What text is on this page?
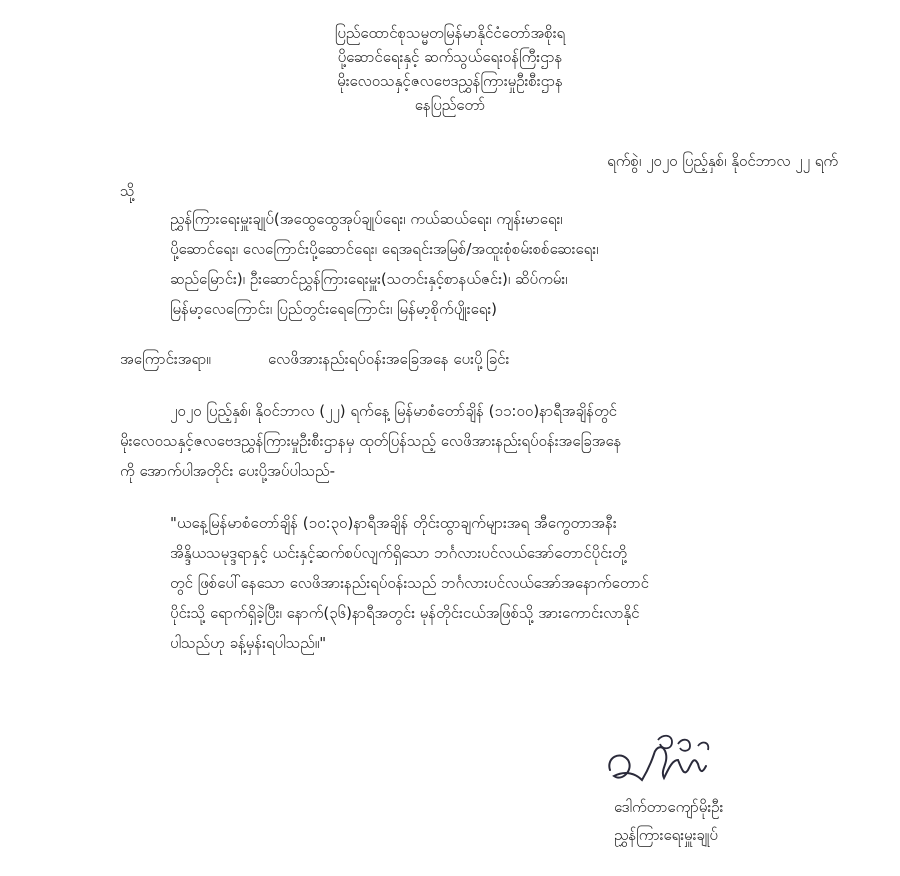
ပြည်ထောင်စုသမ္မတမြန်မာနိုင်ငံတော်အစိုးရ
ပို့ဆောင်ရေးနှင့် ဆက်သွယ်ရေးဝန်ကြီးဌာန
မိုးလေဝသနှင့်ဇလဗေဒညွှန်ကြားမှုဦးစီးဌာန
နေပြည်တော်
ရက်စွဲ၊ ၂၀၂၀ ပြည့်နှစ်၊ နိုဝင်ဘာလ ၂၂ ရက်
သို့
ညွှန်ကြားရေးမှူးချုပ်(အထွေထွေအုပ်ချုပ်ရေး၊ ကယ်ဆယ်ရေး၊ ကျန်းမာရေး၊
ပို့ဆောင်ရေး၊ လေကြောင်းပို့ဆောင်ရေး၊ ရေအရင်းအမြစ်/အထူးစုံစမ်းစစ်ဆေးရေး၊
ဆည်မြောင်း)၊ ဦးဆောင်ညွှန်ကြားရေးမှူး(သတင်းနှင့်စာနယ်ဇင်း)၊ ဆိပ်ကမ်း၊
မြန်မာ့လေကြောင်း၊ ပြည်တွင်းရေကြောင်း၊ မြန်မာ့စိုက်ပျိုးရေး)
အကြောင်းအရာ။	လေဖိအားနည်းရပ်ဝန်းအခြေအနေ ပေးပို့ခြင်း
၂၀၂၀ ပြည့်နှစ်၊ နိုဝင်ဘာလ (၂၂) ရက်နေ့ မြန်မာစံတော်ချိန် (၁၁:၀၀)နာရီအချိန်တွင်
မိုးလေဝသနှင့်ဇလဗေဒညွှန်ကြားမှုဦးစီးဌာနမှ ထုတ်ပြန်သည့် လေဖိအားနည်းရပ်ဝန်းအခြေအနေ
ကို အောက်ပါအတိုင်း ပေးပို့အပ်ပါသည်-
"ယနေ့မြန်မာစံတော်ချိန် (၁၀:၃၀)နာရီအချိန် တိုင်းထွာချက်များအရ အီကွေတာအနီး
အိန္ဒိယသမုဒ္ဒရာနှင့် ယင်းနှင့်ဆက်စပ်လျက်ရှိသော ဘင်္ဂလားပင်လယ်အော်တောင်ပိုင်းတို့
တွင် ဖြစ်ပေါ်နေသော လေဖိအားနည်းရပ်ဝန်းသည် ဘင်္ဂလားပင်လယ်အော်အနောက်တောင်
ပိုင်းသို့ ရောက်ရှိခဲ့ပြီး၊ နောက်(၃၆)နာရီအတွင်း မုန်တိုင်းငယ်အဖြစ်သို့ အားကောင်းလာနိုင်
ပါသည်ဟု ခန့်မှန်းရပါသည်။"
ဒေါက်တာကျော်မိုးဦး
ညွှန်ကြားရေးမှူးချုပ်
